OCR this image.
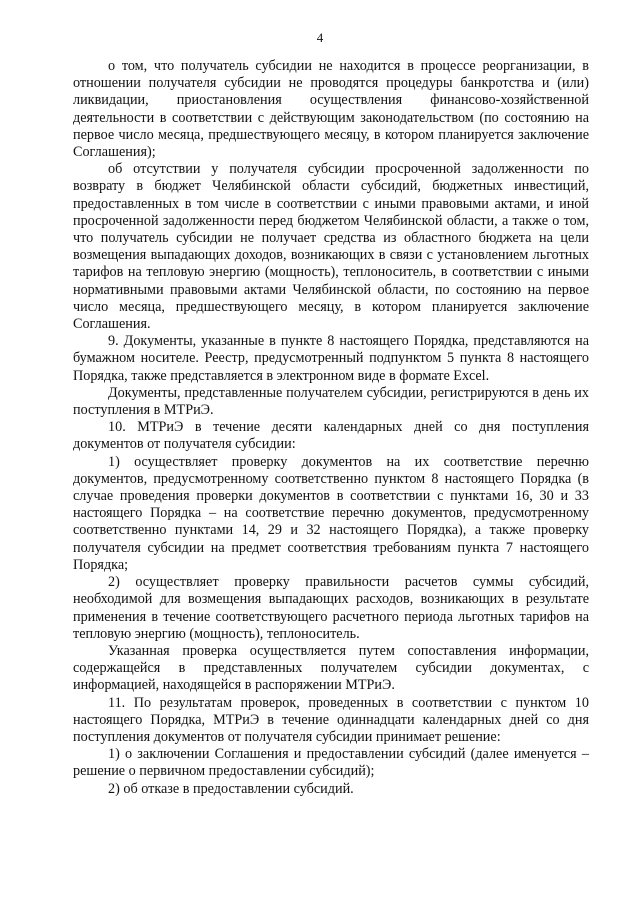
4

о том, что получатель субсидии не находится в процессе реорганизации, в отношении получателя субсидии не проводятся процедуры банкротства и (или) ликвидации, приостановления осуществления финансово-хозяйственной деятельности в соответствии с действующим законодательством (по состоянию на первое число месяца, предшествующего месяцу, в котором планируется заключение Соглашения);

об отсутствии у получателя субсидии просроченной задолженности по возврату в бюджет Челябинской области субсидий, бюджетных инвестиций, предоставленных в том числе в соответствии с иными правовыми актами, и иной просроченной задолженности перед бюджетом Челябинской области, а также о том, что получатель субсидии не получает средства из областного бюджета на цели возмещения выпадающих доходов, возникающих в связи с установлением льготных тарифов на тепловую энергию (мощность), теплоноситель, в соответствии с иными нормативными правовыми актами Челябинской области, по состоянию на первое число месяца, предшествующего месяцу, в котором планируется заключение Соглашения.

9. Документы, указанные в пункте 8 настоящего Порядка, представляются на бумажном носителе. Реестр, предусмотренный подпунктом 5 пункта 8 настоящего Порядка, также представляется в электронном виде в формате Excel.

Документы, представленные получателем субсидии, регистрируются в день их поступления в МТРиЭ.

10. МТРиЭ в течение десяти календарных дней со дня поступления документов от получателя субсидии:

1) осуществляет проверку документов на их соответствие перечню документов, предусмотренному соответственно пунктом 8 настоящего Порядка (в случае проведения проверки документов в соответствии с пунктами 16, 30 и 33 настоящего Порядка – на соответствие перечню документов, предусмотренному соответственно пунктами 14, 29 и 32 настоящего Порядка), а также проверку получателя субсидии на предмет соответствия требованиям пункта 7 настоящего Порядка;

2) осуществляет проверку правильности расчетов суммы субсидий, необходимой для возмещения выпадающих расходов, возникающих в результате применения в течение соответствующего расчетного периода льготных тарифов на тепловую энергию (мощность), теплоноситель.

Указанная проверка осуществляется путем сопоставления информации, содержащейся в представленных получателем субсидии документах, с информацией, находящейся в распоряжении МТРиЭ.

11. По результатам проверок, проведенных в соответствии с пунктом 10 настоящего Порядка, МТРиЭ в течение одиннадцати календарных дней со дня поступления документов от получателя субсидии принимает решение:

1) о заключении Соглашения и предоставлении субсидий (далее именуется – решение о первичном предоставлении субсидий);

2) об отказе в предоставлении субсидий.
